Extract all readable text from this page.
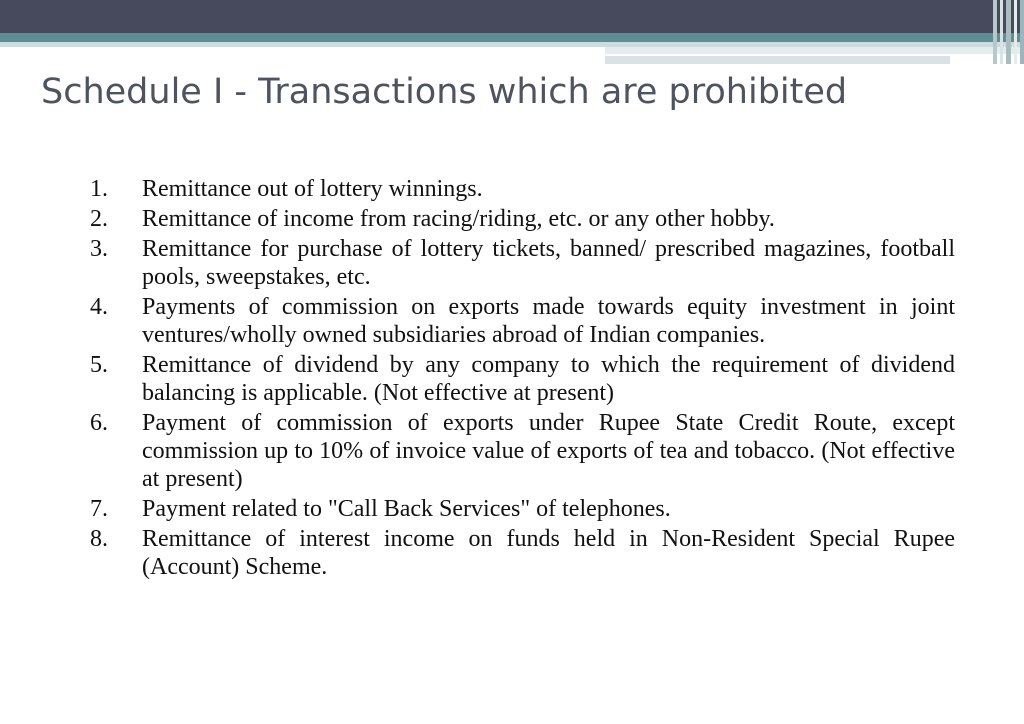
Schedule I - Transactions which are prohibited
1.	Remittance out of lottery winnings.
2.	Remittance of income from racing/riding, etc. or any other hobby.
3.	Remittance for purchase of lottery tickets, banned/ prescribed magazines, football pools, sweepstakes, etc.
4.	Payments of commission on exports made towards equity investment in joint ventures/wholly owned subsidiaries abroad of Indian companies.
5.	Remittance of dividend by any company to which the requirement of dividend balancing is applicable. (Not effective at present)
6.	Payment of commission of exports under Rupee State Credit Route, except commission up to 10% of invoice value of exports of tea and tobacco. (Not effective at present)
7.	Payment related to "Call Back Services" of telephones.
8.	Remittance of interest income on funds held in Non-Resident Special Rupee (Account) Scheme.
